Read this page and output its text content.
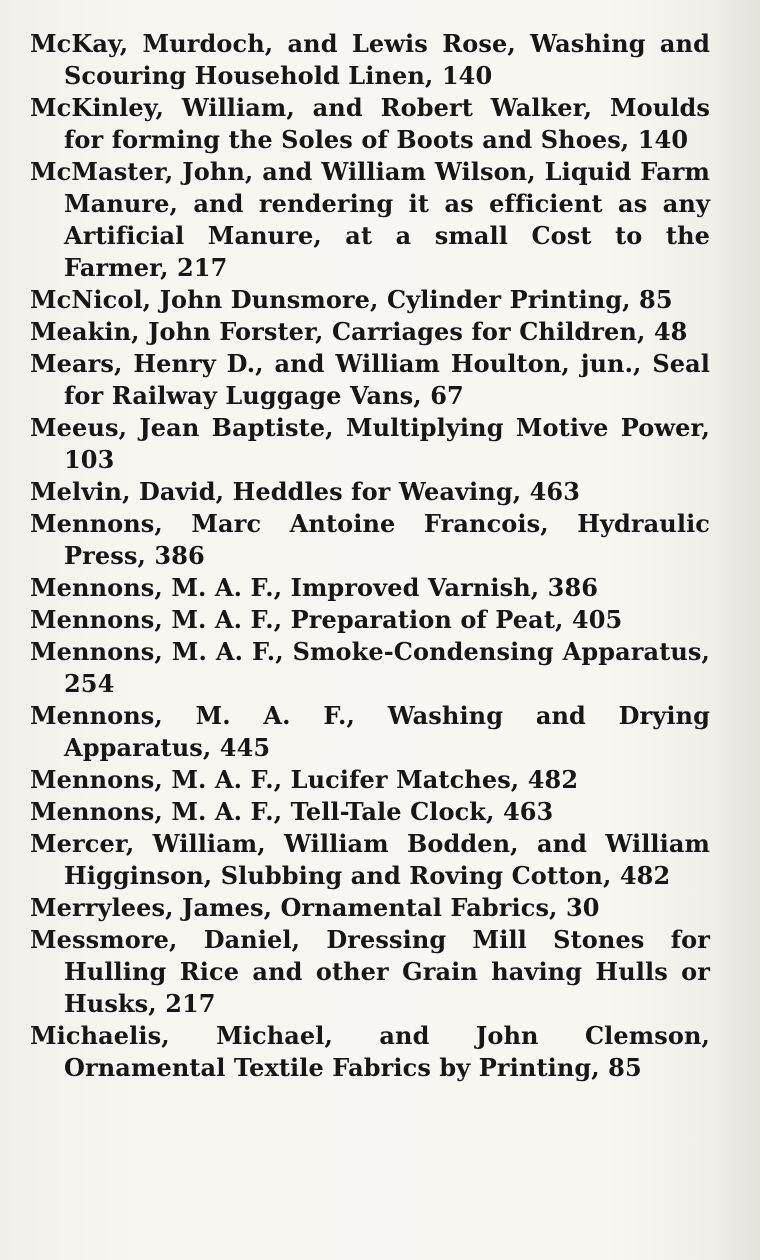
McKay, Murdoch, and Lewis Rose, Washing and Scouring Household Linen, 140

McKinley, William, and Robert Walker, Moulds for forming the Soles of Boots and Shoes, 140

McMaster, John, and William Wilson, Liquid Farm Manure, and rendering it as efficient as any Artificial Manure, at a small Cost to the Farmer, 217

McNicol, John Dunsmore, Cylinder Printing, 85

Meakin, John Forster, Carriages for Children, 48

Mears, Henry D., and William Houlton, jun., Seal for Railway Luggage Vans, 67

Meeus, Jean Baptiste, Multiplying Motive Power, 103

Melvin, David, Heddles for Weaving, 463

Mennons, Marc Antoine Francois, Hydraulic Press, 386

Mennons, M. A. F., Improved Varnish, 386

Mennons, M. A. F., Preparation of Peat, 405

Mennons, M. A. F., Smoke-Condensing Apparatus, 254

Mennons, M. A. F., Washing and Drying Apparatus, 445

Mennons, M. A. F., Lucifer Matches, 482

Mennons, M. A. F., Tell-Tale Clock, 463

Mercer, William, William Bodden, and William Higginson, Slubbing and Roving Cotton, 482

Merrylees, James, Ornamental Fabrics, 30

Messmore, Daniel, Dressing Mill Stones for Hulling Rice and other Grain having Hulls or Husks, 217

Michaelis, Michael, and John Clemson, Ornamental Textile Fabrics by Printing, 85
